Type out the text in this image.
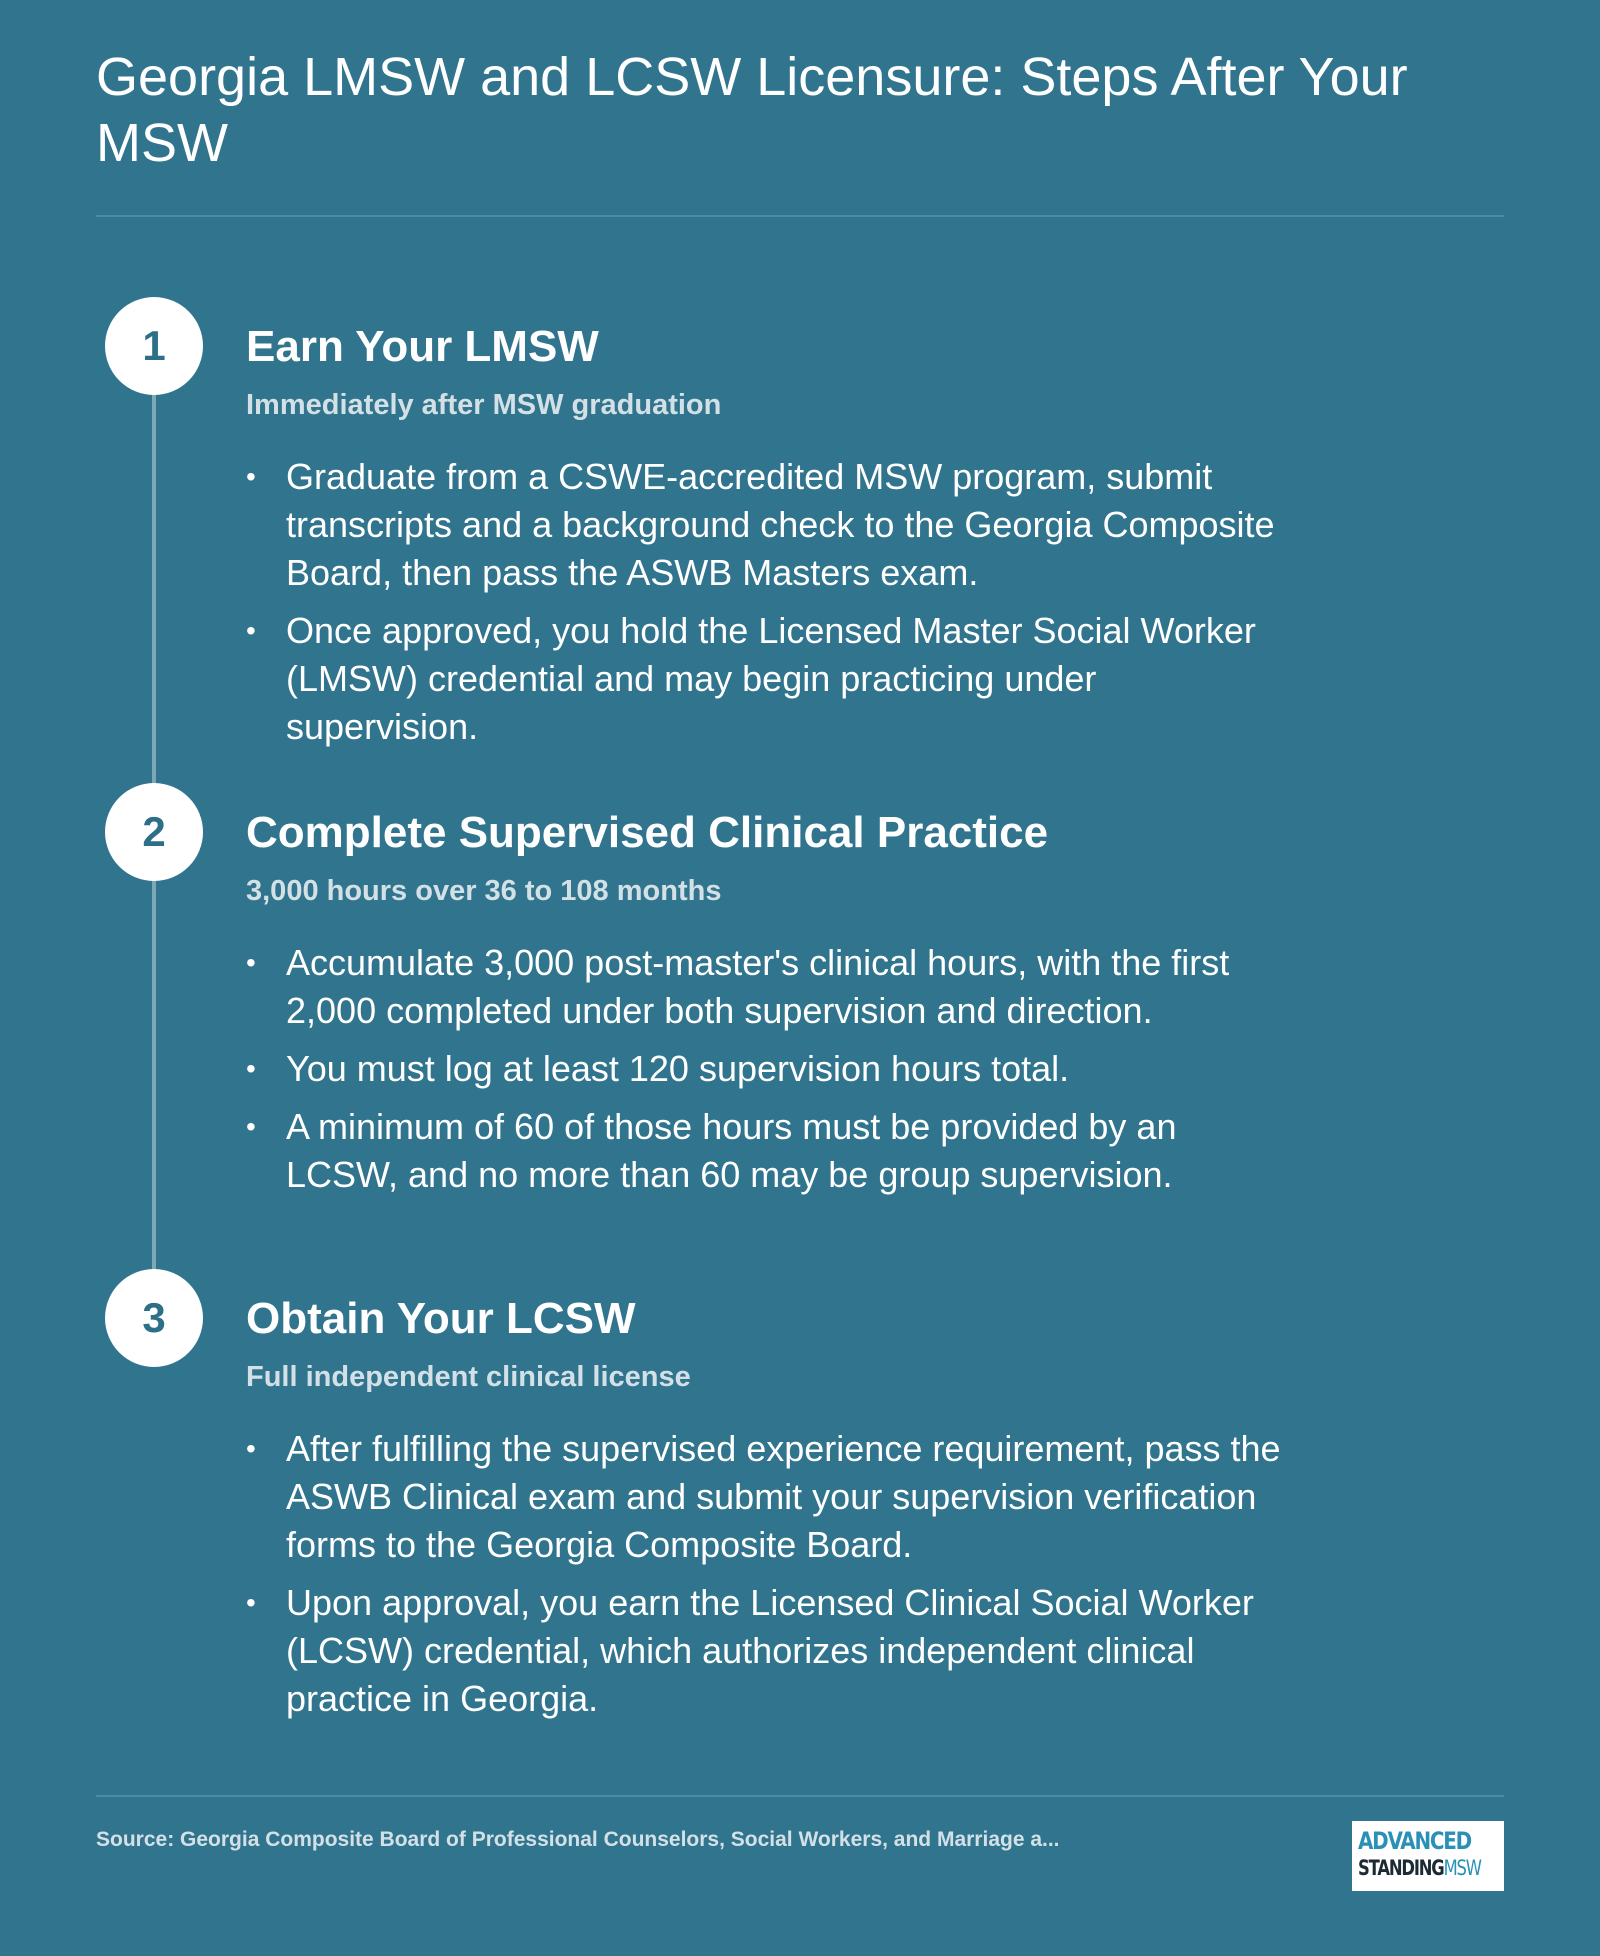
Georgia LMSW and LCSW Licensure: Steps After Your MSW
1	Earn Your LMSW
Immediately after MSW graduation
• Graduate from a CSWE-accredited MSW program, submit transcripts and a background check to the Georgia Composite Board, then pass the ASWB Masters exam.
• Once approved, you hold the Licensed Master Social Worker (LMSW) credential and may begin practicing under supervision.
2	Complete Supervised Clinical Practice
3,000 hours over 36 to 108 months
• Accumulate 3,000 post-master's clinical hours, with the first 2,000 completed under both supervision and direction.
• You must log at least 120 supervision hours total.
• A minimum of 60 of those hours must be provided by an LCSW, and no more than 60 may be group supervision.
3	Obtain Your LCSW
Full independent clinical license
• After fulfilling the supervised experience requirement, pass the ASWB Clinical exam and submit your supervision verification forms to the Georgia Composite Board.
• Upon approval, you earn the Licensed Clinical Social Worker (LCSW) credential, which authorizes independent clinical practice in Georgia.
Source: Georgia Composite Board of Professional Counselors, Social Workers, and Marriage a...	ADVANCED
STANDINGMSW
